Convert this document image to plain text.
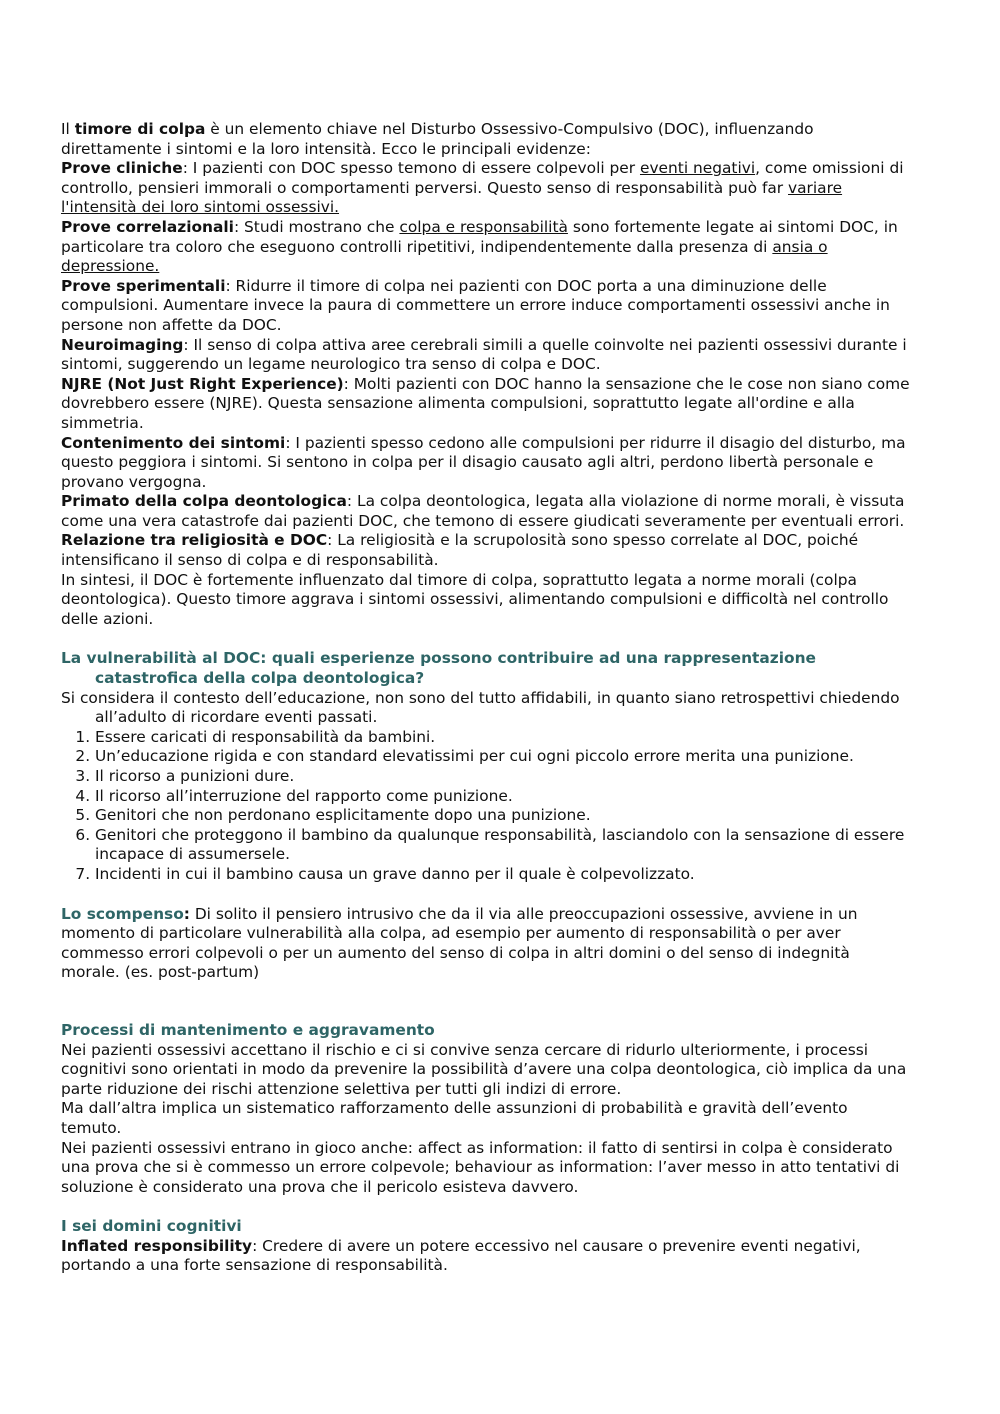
Il timore di colpa è un elemento chiave nel Disturbo Ossessivo-Compulsivo (DOC), influenzando direttamente i sintomi e la loro intensità. Ecco le principali evidenze:

Prove cliniche: I pazienti con DOC spesso temono di essere colpevoli per eventi negativi, come omissioni di controllo, pensieri immorali o comportamenti perversi. Questo senso di responsabilità può far variare l'intensità dei loro sintomi ossessivi.

Prove correlazionali: Studi mostrano che colpa e responsabilità sono fortemente legate ai sintomi DOC, in particolare tra coloro che eseguono controlli ripetitivi, indipendentemente dalla presenza di ansia o depressione.

Prove sperimentali: Ridurre il timore di colpa nei pazienti con DOC porta a una diminuzione delle compulsioni. Aumentare invece la paura di commettere un errore induce comportamenti ossessivi anche in persone non affette da DOC.

Neuroimaging: Il senso di colpa attiva aree cerebrali simili a quelle coinvolte nei pazienti ossessivi durante i sintomi, suggerendo un legame neurologico tra senso di colpa e DOC.

NJRE (Not Just Right Experience): Molti pazienti con DOC hanno la sensazione che le cose non siano come dovrebbero essere (NJRE). Questa sensazione alimenta compulsioni, soprattutto legate all'ordine e alla simmetria.

Contenimento dei sintomi: I pazienti spesso cedono alle compulsioni per ridurre il disagio del disturbo, ma questo peggiora i sintomi. Si sentono in colpa per il disagio causato agli altri, perdono libertà personale e provano vergogna.

Primato della colpa deontologica: La colpa deontologica, legata alla violazione di norme morali, è vissuta come una vera catastrofe dai pazienti DOC, che temono di essere giudicati severamente per eventuali errori.

Relazione tra religiosità e DOC: La religiosità e la scrupolosità sono spesso correlate al DOC, poiché intensificano il senso di colpa e di responsabilità.

In sintesi, il DOC è fortemente influenzato dal timore di colpa, soprattutto legata a norme morali (colpa deontologica). Questo timore aggrava i sintomi ossessivi, alimentando compulsioni e difficoltà nel controllo delle azioni.

La vulnerabilità al DOC: quali esperienze possono contribuire ad una rappresentazione catastrofica della colpa deontologica?

Si considera il contesto dell’educazione, non sono del tutto affidabili, in quanto siano retrospettivi chiedendo all’adulto di ricordare eventi passati.

1. Essere caricati di responsabilità da bambini.
2. Un’educazione rigida e con standard elevatissimi per cui ogni piccolo errore merita una punizione.
3. Il ricorso a punizioni dure.
4. Il ricorso all’interruzione del rapporto come punizione.
5. Genitori che non perdonano esplicitamente dopo una punizione.
6. Genitori che proteggono il bambino da qualunque responsabilità, lasciandolo con la sensazione di essere incapace di assumersele.
7. Incidenti in cui il bambino causa un grave danno per il quale è colpevolizzato.

Lo scompenso: Di solito il pensiero intrusivo che da il via alle preoccupazioni ossessive, avviene in un momento di particolare vulnerabilità alla colpa, ad esempio per aumento di responsabilità o per aver commesso errori colpevoli o per un aumento del senso di colpa in altri domini o del senso di indegnità morale. (es. post-partum)

Processi di mantenimento e aggravamento

Nei pazienti ossessivi accettano il rischio e ci si convive senza cercare di ridurlo ulteriormente, i processi cognitivi sono orientati in modo da prevenire la possibilità d’avere una colpa deontologica, ciò implica da una parte riduzione dei rischi attenzione selettiva per tutti gli indizi di errore.

Ma dall’altra implica un sistematico rafforzamento delle assunzioni di probabilità e gravità dell’evento temuto.

Nei pazienti ossessivi entrano in gioco anche: affect as information: il fatto di sentirsi in colpa è considerato una prova che si è commesso un errore colpevole; behaviour as information: l’aver messo in atto tentativi di soluzione è considerato una prova che il pericolo esisteva davvero.

I sei domini cognitivi

Inflated responsibility: Credere di avere un potere eccessivo nel causare o prevenire eventi negativi, portando a una forte sensazione di responsabilità.
